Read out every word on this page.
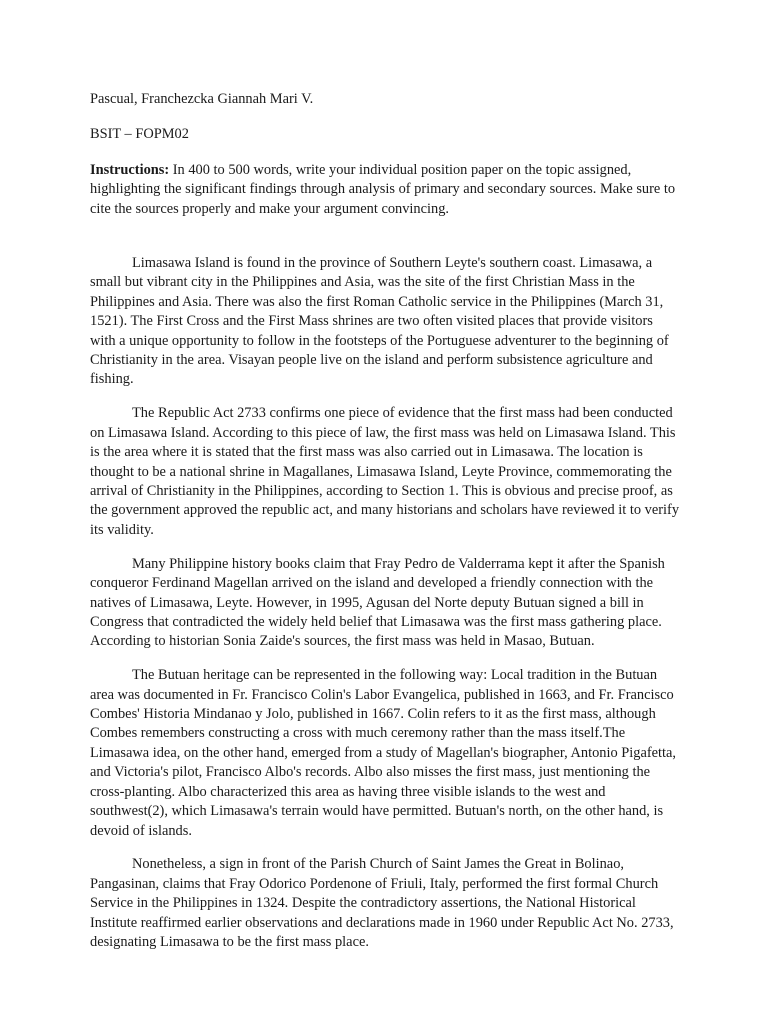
Pascual, Franchezcka Giannah Mari V.

BSIT – FOPM02

Instructions: In 400 to 500 words, write your individual position paper on the topic assigned, highlighting the significant findings through analysis of primary and secondary sources. Make sure to cite the sources properly and make your argument convincing.

Limasawa Island is found in the province of Southern Leyte's southern coast. Limasawa, a small but vibrant city in the Philippines and Asia, was the site of the first Christian Mass in the Philippines and Asia. There was also the first Roman Catholic service in the Philippines (March 31, 1521). The First Cross and the First Mass shrines are two often visited places that provide visitors with a unique opportunity to follow in the footsteps of the Portuguese adventurer to the beginning of Christianity in the area. Visayan people live on the island and perform subsistence agriculture and fishing.

The Republic Act 2733 confirms one piece of evidence that the first mass had been conducted on Limasawa Island. According to this piece of law, the first mass was held on Limasawa Island. This is the area where it is stated that the first mass was also carried out in Limasawa. The location is thought to be a national shrine in Magallanes, Limasawa Island, Leyte Province, commemorating the arrival of Christianity in the Philippines, according to Section 1. This is obvious and precise proof, as the government approved the republic act, and many historians and scholars have reviewed it to verify its validity.

Many Philippine history books claim that Fray Pedro de Valderrama kept it after the Spanish conqueror Ferdinand Magellan arrived on the island and developed a friendly connection with the natives of Limasawa, Leyte. However, in 1995, Agusan del Norte deputy Butuan signed a bill in Congress that contradicted the widely held belief that Limasawa was the first mass gathering place. According to historian Sonia Zaide's sources, the first mass was held in Masao, Butuan.

The Butuan heritage can be represented in the following way: Local tradition in the Butuan area was documented in Fr. Francisco Colin's Labor Evangelica, published in 1663, and Fr. Francisco Combes' Historia Mindanao y Jolo, published in 1667. Colin refers to it as the first mass, although Combes remembers constructing a cross with much ceremony rather than the mass itself.The Limasawa idea, on the other hand, emerged from a study of Magellan's biographer, Antonio Pigafetta, and Victoria's pilot, Francisco Albo's records. Albo also misses the first mass, just mentioning the cross-planting. Albo characterized this area as having three visible islands to the west and southwest(2), which Limasawa's terrain would have permitted. Butuan's north, on the other hand, is devoid of islands.

Nonetheless, a sign in front of the Parish Church of Saint James the Great in Bolinao, Pangasinan, claims that Fray Odorico Pordenone of Friuli, Italy, performed the first formal Church Service in the Philippines in 1324. Despite the contradictory assertions, the National Historical Institute reaffirmed earlier observations and declarations made in 1960 under Republic Act No. 2733, designating Limasawa to be the first mass place.
